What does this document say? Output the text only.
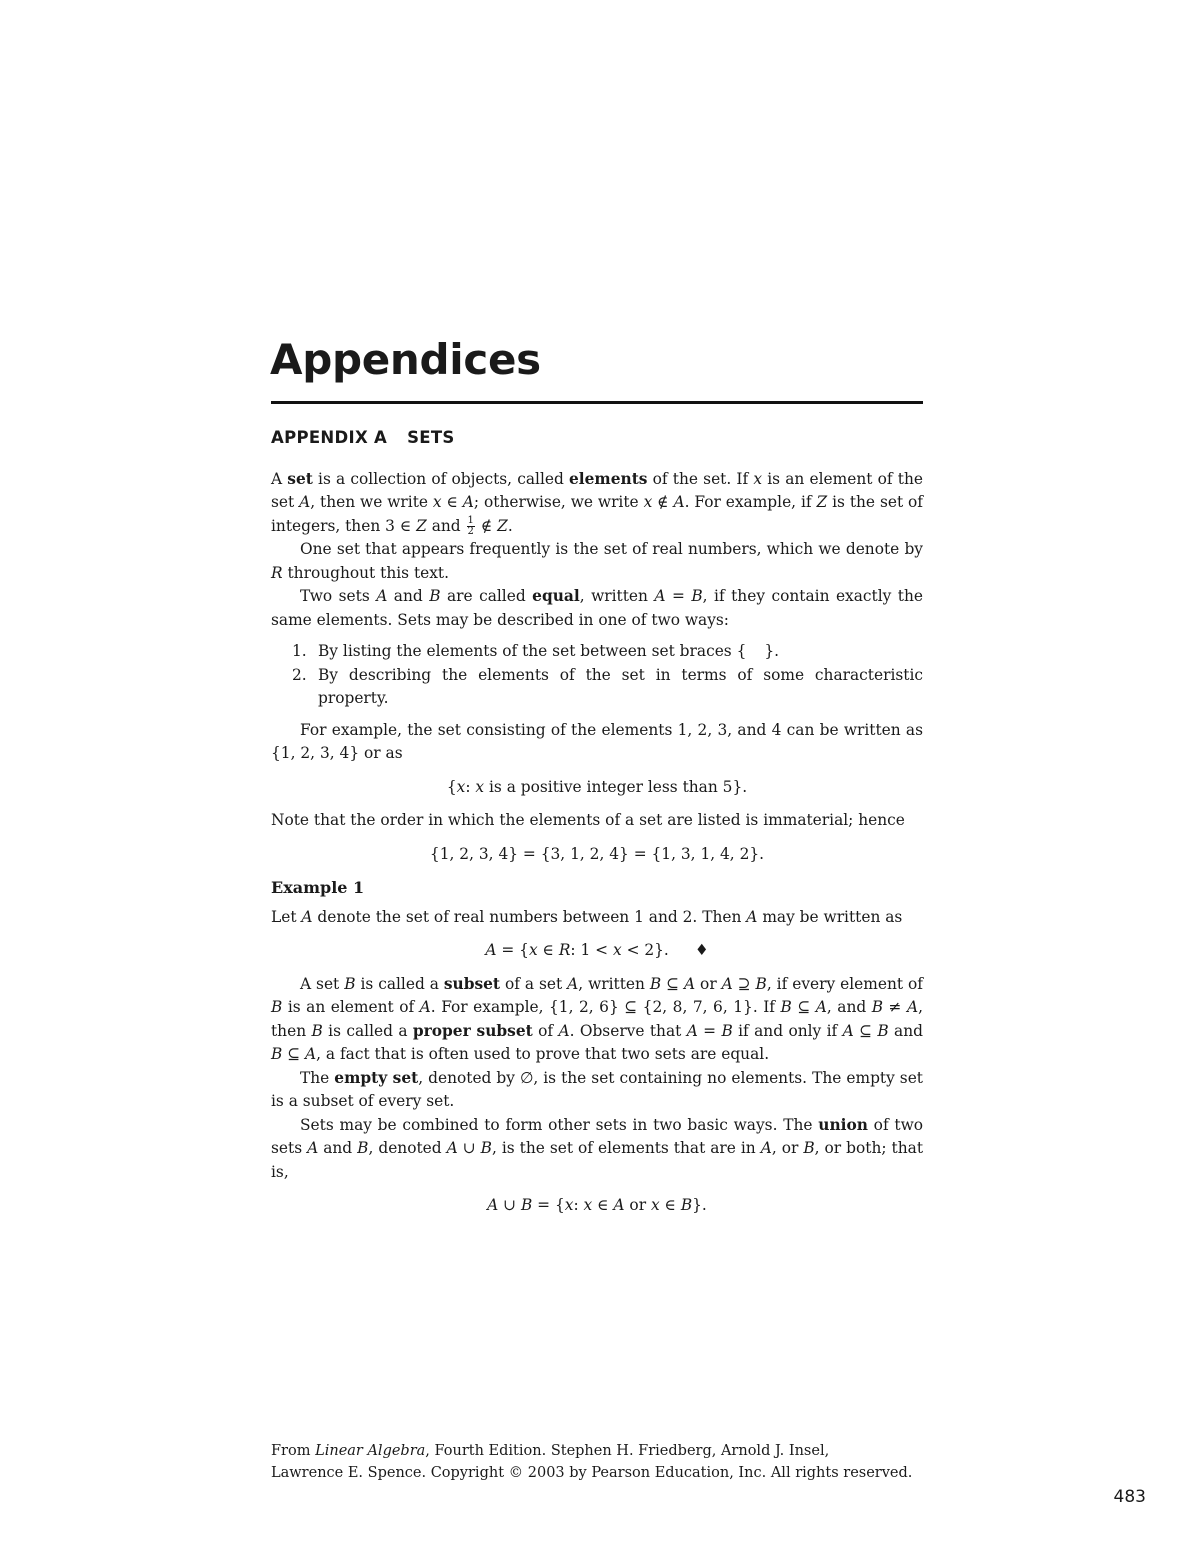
Appendices
APPENDIX A SETS

A set is a collection of objects, called elements of the set. If x is an element of the set A, then we write x ∈ A; otherwise, we write x ∉ A. For example, if Z is the set of integers, then 3 ∈ Z and $\frac{1}{2}$ ∉ Z.

One set that appears frequently is the set of real numbers, which we denote by R throughout this text.

Two sets A and B are called equal, written A = B, if they contain exactly the same elements. Sets may be described in one of two ways:

1. By listing the elements of the set between set braces { }.
2. By describing the elements of the set in terms of some characteristic property.

For example, the set consisting of the elements 1, 2, 3, and 4 can be written as {1, 2, 3, 4} or as

{x: x is a positive integer less than 5}.

Note that the order in which the elements of a set are listed is immaterial; hence

{1, 2, 3, 4} = {3, 1, 2, 4} = {1, 3, 1, 4, 2}.
Example 1

Let A denote the set of real numbers between 1 and 2. Then A may be written as

A = {x ∈ R: 1 < x < 2}. ♦

A set B is called a subset of a set A, written B ⊆ A or A ⊇ B, if every element of B is an element of A. For example, {1, 2, 6} ⊆ {2, 8, 7, 6, 1}. If B ⊆ A, and B ≠ A, then B is called a proper subset of A. Observe that A = B if and only if A ⊆ B and B ⊆ A, a fact that is often used to prove that two sets are equal.

The empty set, denoted by ∅, is the set containing no elements. The empty set is a subset of every set.

Sets may be combined to form other sets in two basic ways. The union of two sets A and B, denoted A ∪ B, is the set of elements that are in A, or B, or both; that is,

A ∪ B = {x: x ∈ A or x ∈ B}.
From Linear Algebra, Fourth Edition. Stephen H. Friedberg, Arnold J. Insel,
Lawrence E. Spence. Copyright © 2003 by Pearson Education, Inc. All rights reserved.
483
